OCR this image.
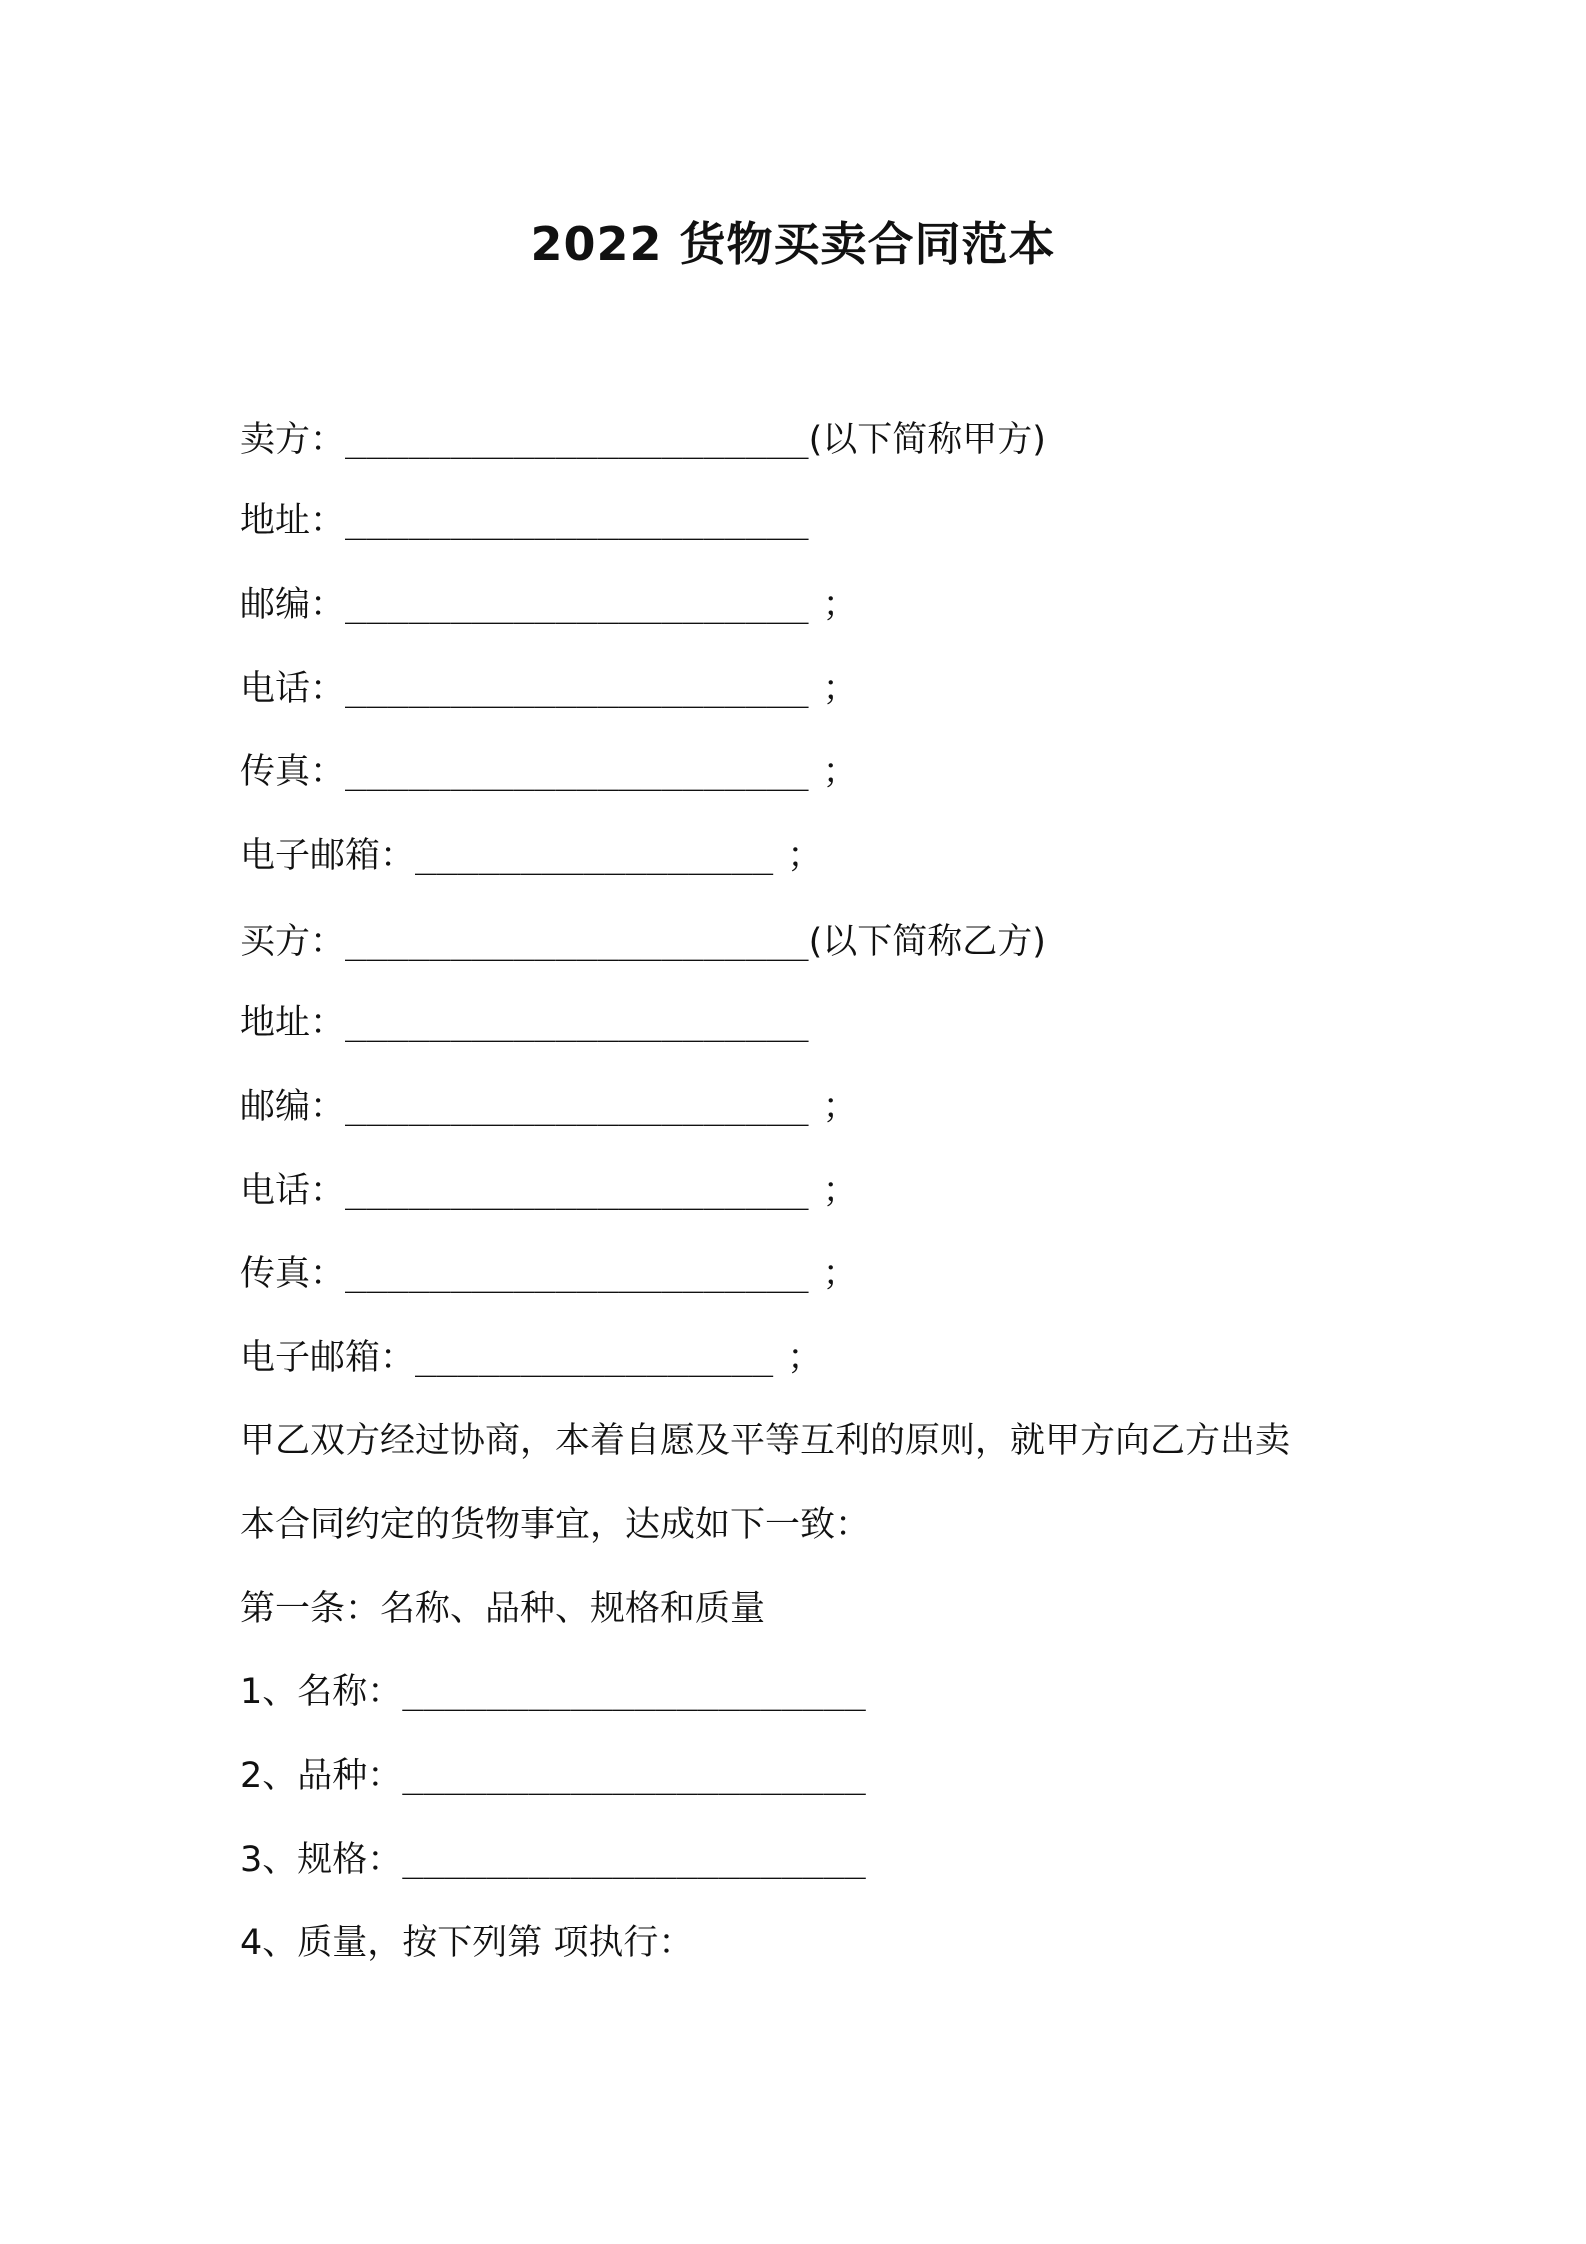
2022 货物买卖合同范本
卖方：______________________(以下简称甲方)
地址：______________________
邮编：______________________ ；
电话：______________________ ；
传真：______________________ ；
电子邮箱：_________________ ；
买方：______________________(以下简称乙方)
地址：______________________
邮编：______________________ ；
电话：______________________ ；
传真：______________________ ；
电子邮箱：_________________ ；
甲乙双方经过协商，本着自愿及平等互利的原则，就甲方向乙方出卖
本合同约定的货物事宜，达成如下一致：
第一条：名称、品种、规格和质量
1、名称：______________________
2、品种：______________________
3、规格：______________________
4、质量，按下列第 项执行：
